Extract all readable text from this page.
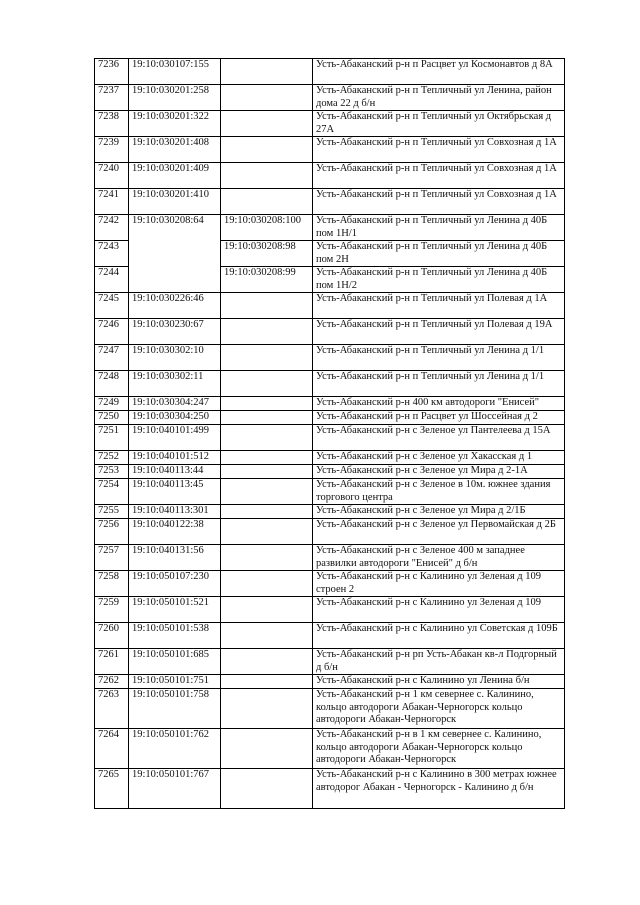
7236	19:10:030107:155		Усть-Абаканский р-н п Расцвет ул Космонавтов д 8А
7237	19:10:030201:258		Усть-Абаканский р-н п Тепличный ул Ленина, район дома 22 д б/н
7238	19:10:030201:322		Усть-Абаканский р-н п Тепличный ул Октябрьская д 27А
7239	19:10:030201:408		Усть-Абаканский р-н п Тепличный ул Совхозная д 1А
7240	19:10:030201:409		Усть-Абаканский р-н п Тепличный ул Совхозная д 1А
7241	19:10:030201:410		Усть-Абаканский р-н п Тепличный ул Совхозная д 1А
7242	19:10:030208:64	19:10:030208:100	Усть-Абаканский р-н п Тепличный ул Ленина д 40Б пом 1Н/1
7243		19:10:030208:98	Усть-Абаканский р-н п Тепличный ул Ленина д 40Б пом 2Н
7244		19:10:030208:99	Усть-Абаканский р-н п Тепличный ул Ленина д 40Б пом 1Н/2
7245	19:10:030226:46		Усть-Абаканский р-н п Тепличный ул Полевая д 1А
7246	19:10:030230:67		Усть-Абаканский р-н п Тепличный ул Полевая д 19А
7247	19:10:030302:10		Усть-Абаканский р-н п Тепличный ул Ленина д 1/1
7248	19:10:030302:11		Усть-Абаканский р-н п Тепличный ул Ленина д 1/1
7249	19:10:030304:247		Усть-Абаканский р-н 400 км автодороги "Енисей"
7250	19:10:030304:250		Усть-Абаканский р-н п Расцвет ул Шоссейная д 2
7251	19:10:040101:499		Усть-Абаканский р-н с Зеленое ул Пантелеева д 15А
7252	19:10:040101:512		Усть-Абаканский р-н с Зеленое ул Хакасская д 1
7253	19:10:040113:44		Усть-Абаканский р-н с Зеленое ул Мира д 2-1А
7254	19:10:040113:45		Усть-Абаканский р-н с Зеленое в 10м. южнее здания торгового центра
7255	19:10:040113:301		Усть-Абаканский р-н с Зеленое ул Мира д 2/1Б
7256	19:10:040122:38		Усть-Абаканский р-н с Зеленое ул Первомайская д 2Б
7257	19:10:040131:56		Усть-Абаканский р-н с Зеленое 400 м западнее развилки автодороги "Енисей" д б/н
7258	19:10:050107:230		Усть-Абаканский р-н с Калинино ул Зеленая д 109 строен 2
7259	19:10:050101:521		Усть-Абаканский р-н с Калинино ул Зеленая д 109
7260	19:10:050101:538		Усть-Абаканский р-н с Калинино ул Советская д 109Б
7261	19:10:050101:685		Усть-Абаканский р-н рп Усть-Абакан кв-л Подгорный д б/н
7262	19:10:050101:751		Усть-Абаканский р-н с Калинино ул Ленина б/н
7263	19:10:050101:758		Усть-Абаканский р-н 1 км севернее с. Калинино, кольцо автодороги Абакан-Черногорск кольцо автодороги Абакан-Черногорск
7264	19:10:050101:762		Усть-Абаканский р-н в 1 км севернее с. Калинино, кольцо автодороги Абакан-Черногорск кольцо автодороги Абакан-Черногорск
7265	19:10:050101:767		Усть-Абаканский р-н с Калинино в 300 метрах южнее автодорог Абакан - Черногорск - Калинино д б/н
